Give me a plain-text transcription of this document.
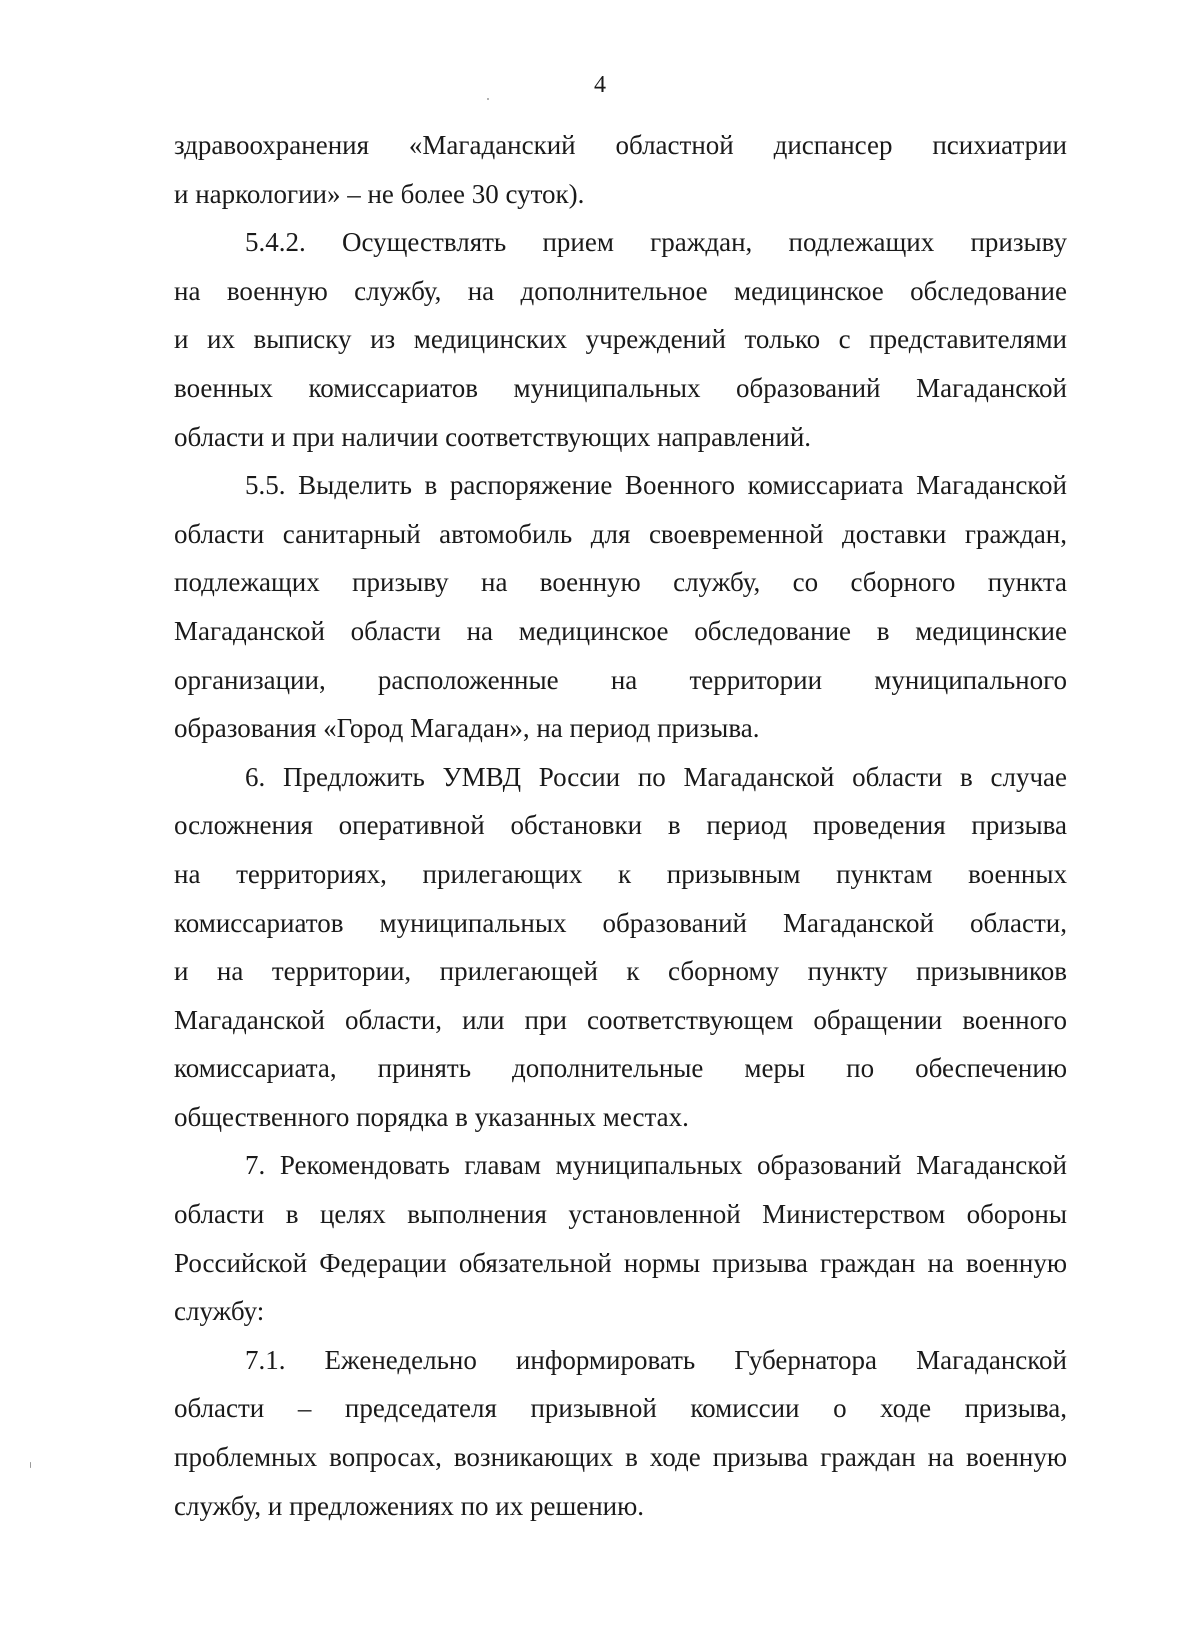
4
здравоохранения «Магаданский областной диспансер психиатрии
и наркологии» – не более 30 суток).
5.4.2. Осуществлять прием граждан, подлежащих призыву
на военную службу, на дополнительное медицинское обследование
и их выписку из медицинских учреждений только с представителями
военных комиссариатов муниципальных образований Магаданской
области и при наличии соответствующих направлений.
5.5. Выделить в распоряжение Военного комиссариата Магаданской
области санитарный автомобиль для своевременной доставки граждан,
подлежащих призыву на военную службу, со сборного пункта
Магаданской области на медицинское обследование в медицинские
организации, расположенные на территории муниципального
образования «Город Магадан», на период призыва.
6. Предложить УМВД России по Магаданской области в случае
осложнения оперативной обстановки в период проведения призыва
на территориях, прилегающих к призывным пунктам военных
комиссариатов муниципальных образований Магаданской области,
и на территории, прилегающей к сборному пункту призывников
Магаданской области, или при соответствующем обращении военного
комиссариата, принять дополнительные меры по обеспечению
общественного порядка в указанных местах.
7. Рекомендовать главам муниципальных образований Магаданской
области в целях выполнения установленной Министерством обороны
Российской Федерации обязательной нормы призыва граждан на военную
службу:
7.1. Еженедельно информировать Губернатора Магаданской
области – председателя призывной комиссии о ходе призыва,
проблемных вопросах, возникающих в ходе призыва граждан на военную
службу, и предложениях по их решению.
